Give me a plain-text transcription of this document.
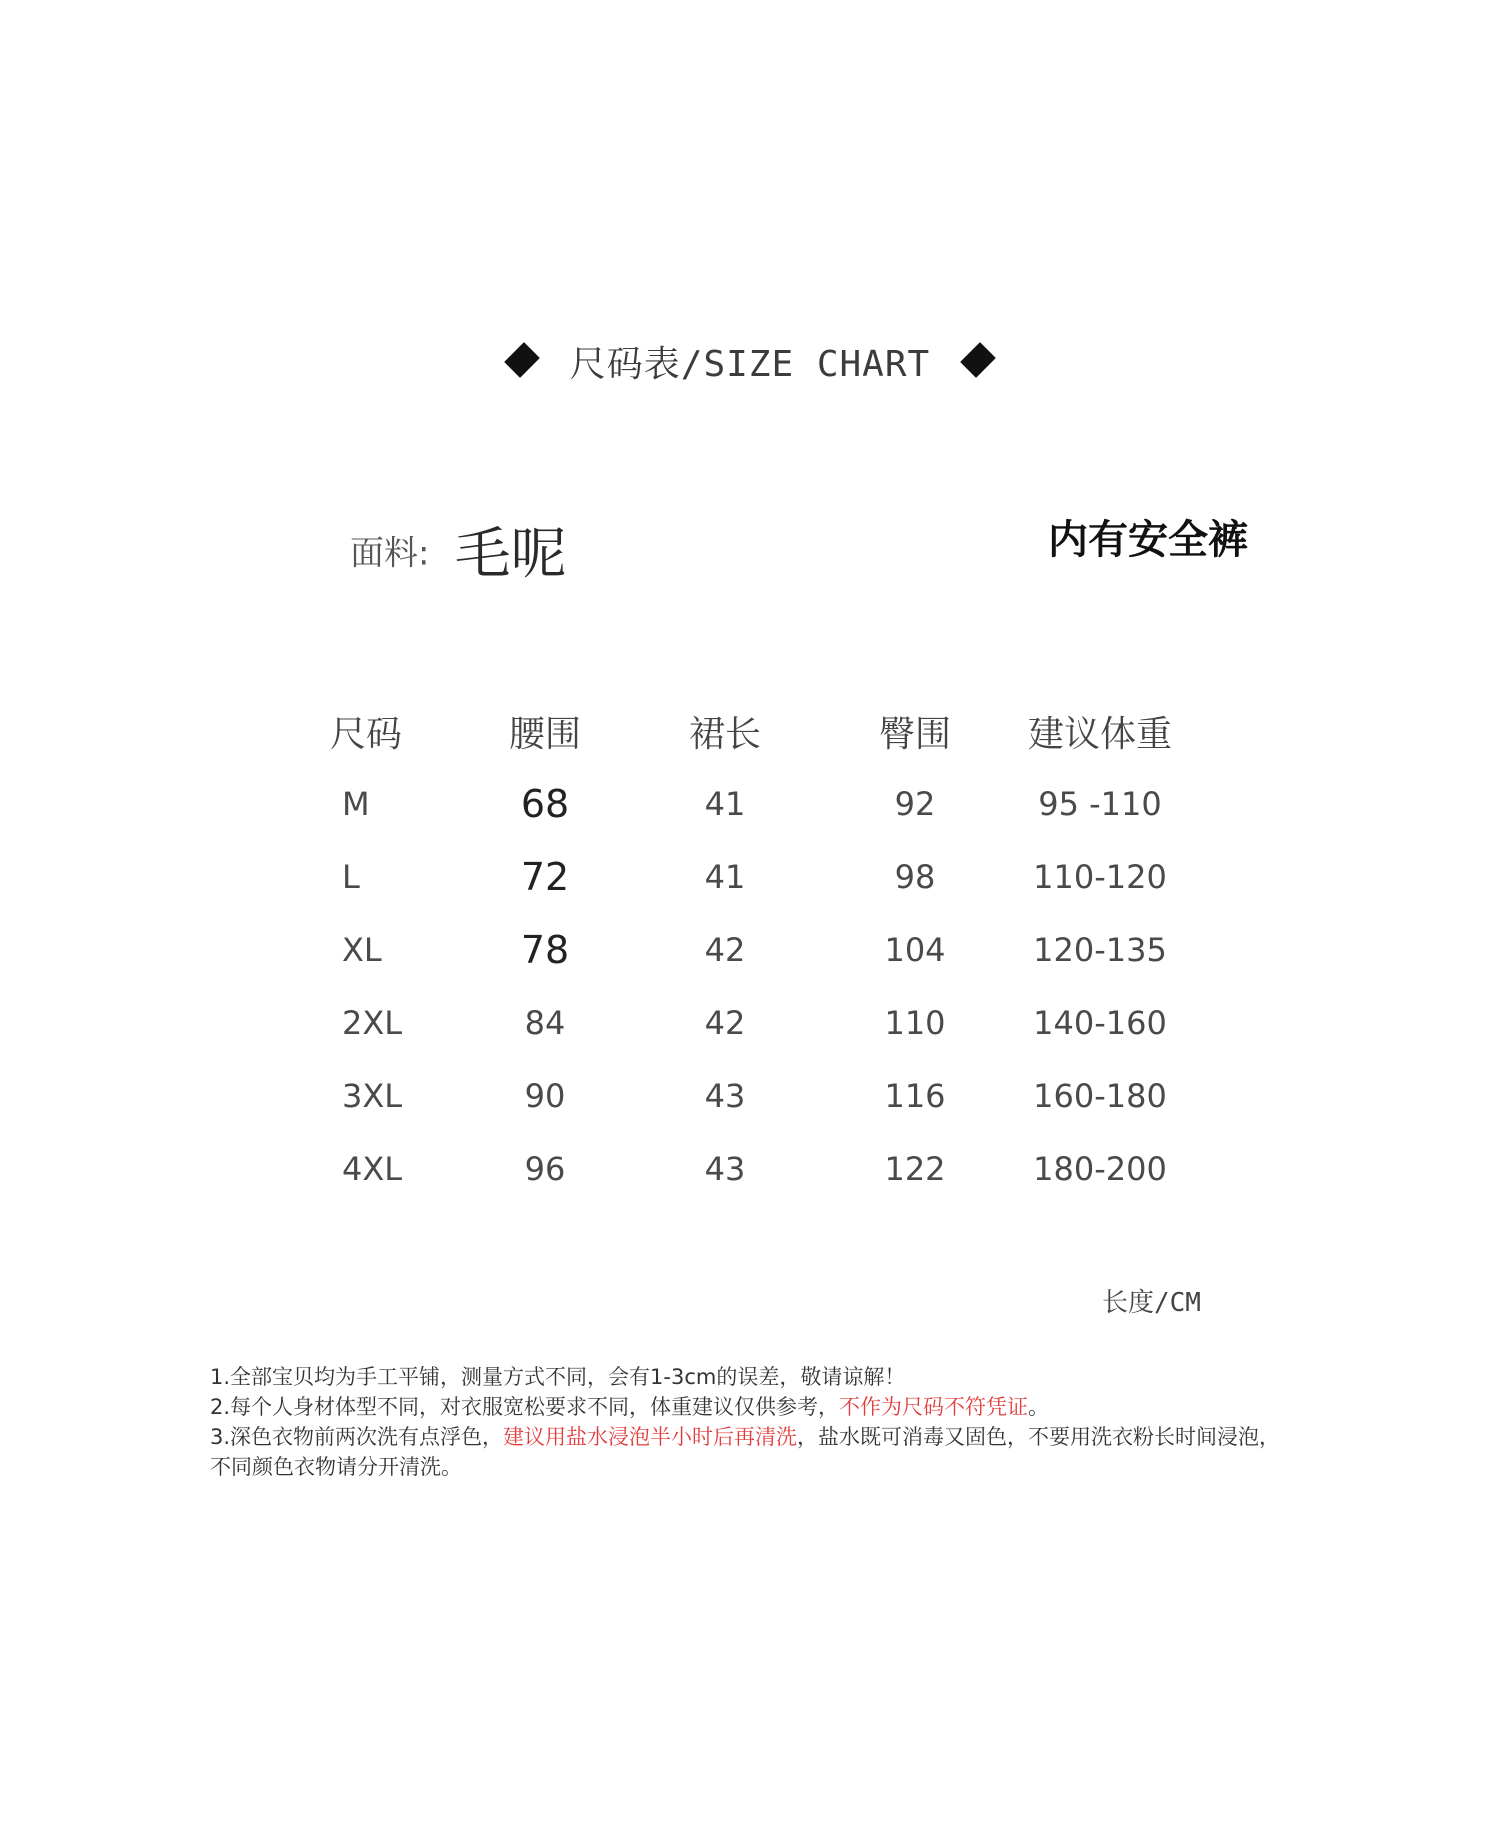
尺码表/SIZE CHART
面料: 毛呢	内有安全裤
尺码	腰围	裙长	臀围	建议体重
M	68	41	92	95 -110
L	72	41	98	110-120
XL	78	42	104	120-135
2XL	84	42	110	140-160
3XL	90	43	116	160-180
4XL	96	43	122	180-200
长度/CM

1.全部宝贝均为手工平铺，测量方式不同，会有1-3cm的误差，敬请谅解！

2.每个人身材体型不同，对衣服宽松要求不同，体重建议仅供参考，不作为尺码不符凭证。

3.深色衣物前两次洗有点浮色，建议用盐水浸泡半小时后再清洗，盐水既可消毒又固色，不要用洗衣粉长时间浸泡，不同颜色衣物请分开清洗。
